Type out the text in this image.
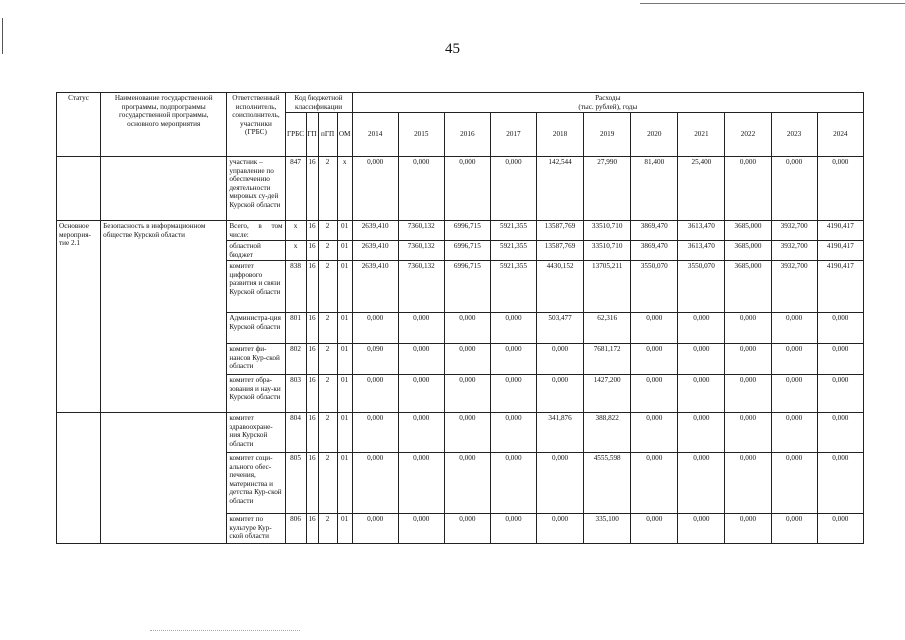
45
Статус	Наименование государственной программы, подпрограммы государственной программы, основного мероприятия	Ответственный исполнитель, соисполнитель, участники (ГРБС)	Код бюджетной классификации				Расходы
(тыс. рублей), годы										

			ГРБС	ГП	пГП	ОМ	2014	2015	2016	2017	2018	2019	2020	2021	2022	2023	2024
		участник – управление по обеспечению деятельности мировых су-дей Курской области	847	16	2	х	0,000	0,000	0,000	0,000	142,544	27,990	81,400	25,400	0,000	0,000	0,000
Основное мероприя-тие 2.1	Безопасность в информационном обществе Курской области	Всего, в том числе:	х	16	2	01	2639,410	7360,132	6996,715	5921,355	13587,769	33510,710	3869,470	3613,470	3685,000	3932,700	4190,417
		областной бюджет	х	16	2	01	2639,410	7360,132	6996,715	5921,355	13587,769	33510,710	3869,470	3613,470	3685,000	3932,700	4190,417
		комитет цифрового развития и связи Курской области	838	16	2	01	2639,410	7360,132	6996,715	5921,355	4430,152	13705,211	3550,070	3550,070	3685,000	3932,700	4190,417
		Администра-ция Курской области	801	16	2	01	0,000	0,000	0,000	0,000	503,477	62,316	0,000	0,000	0,000	0,000	0,000
		комитет фи-нансов Кур-ской области	802	16	2	01	0,090	0,000	0,000	0,000	0,000	7681,172	0,000	0,000	0,000	0,000	0,000
		комитет обра-зования и нау-ки Курской области	803	16	2	01	0,000	0,000	0,000	0,000	0,000	1427,200	0,000	0,000	0,000	0,000	0,000
		комитет здравоохране-ния Курской области	804	16	2	01	0,000	0,000	0,000	0,000	341,876	388,822	0,000	0,000	0,000	0,000	0,000
		комитет соци-ального обес-печения, материнства и детства Кур-ской области	805	16	2	01	0,000	0,000	0,000	0,000	0,000	4555,598	0,000	0,000	0,000	0,000	0,000
		комитет по культуре Кур-ской области	806	16	2	01	0,000	0,000	0,000	0,000	0,000	335,100	0,000	0,000	0,000	0,000	0,000
